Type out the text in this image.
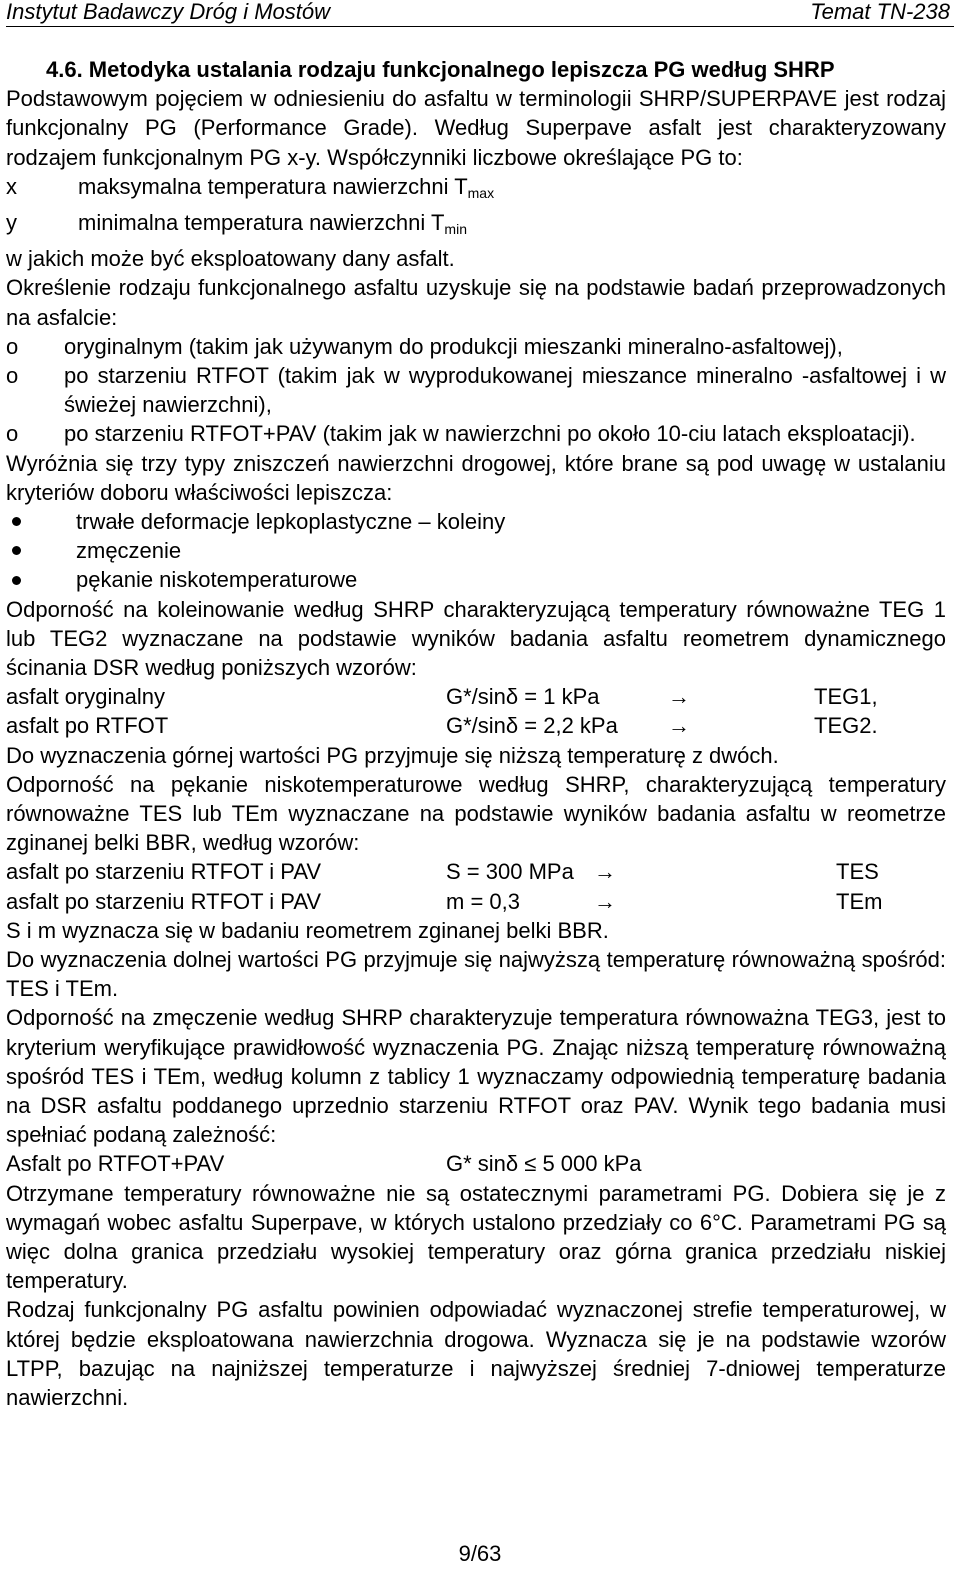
Instytut Badawczy Dróg i Mostów	Temat TN-238

4.6. Metodyka ustalania rodzaju funkcjonalnego lepiszcza PG według SHRP

Podstawowym pojęciem w odniesieniu do asfaltu w terminologii SHRP/SUPERPAVE jest rodzaj funkcjonalny PG (Performance Grade). Według Superpave asfalt jest charakteryzowany rodzajem funkcjonalnym PG x-y. Współczynniki liczbowe określające PG to:

x	maksymalna temperatura nawierzchni $T_{max}$
y	minimalna temperatura nawierzchni $T_{min}$

w jakich może być eksploatowany dany asfalt.

Określenie rodzaju funkcjonalnego asfaltu uzyskuje się na podstawie badań przeprowadzonych na asfalcie:

o	oryginalnym (takim jak używanym do produkcji mieszanki mineralno-asfaltowej),
o	po starzeniu RTFOT (takim jak w wyprodukowanej mieszance mineralno -asfaltowej i w świeżej nawierzchni),
o	po starzeniu RTFOT+PAV (takim jak w nawierzchni po około 10-ciu latach eksploatacji).

Wyróżnia się trzy typy zniszczeń nawierzchni drogowej, które brane są pod uwagę w ustalaniu kryteriów doboru właściwości lepiszcza:

trwałe deformacje lepkoplastyczne – koleiny
zmęczenie
pękanie niskotemperaturowe

Odporność na koleinowanie według SHRP charakteryzującą temperatury równoważne TEG 1 lub TEG2 wyznaczane na podstawie wyników badania asfaltu reometrem dynamicznego ścinania DSR według poniższych wzorów:

asfalt oryginalny	G*/sinδ = 1 kPa	→	TEG1,
asfalt po RTFOT	G*/sinδ = 2,2 kPa →	TEG2.

Do wyznaczenia górnej wartości PG przyjmuje się niższą temperaturę z dwóch.

Odporność na pękanie niskotemperaturowe według SHRP, charakteryzującą temperatury równoważne TES lub TEm wyznaczane na podstawie wyników badania asfaltu w reometrze zginanej belki BBR, według wzorów:

asfalt po starzeniu RTFOT i PAV	S = 300 MPa →	TES
asfalt po starzeniu RTFOT i PAV	m = 0,3	→	TEm

S i m wyznacza się w badaniu reometrem zginanej belki BBR.

Do wyznaczenia dolnej wartości PG przyjmuje się najwyższą temperaturę równoważną spośród: TES i TEm.

Odporność na zmęczenie według SHRP charakteryzuje temperatura równoważna TEG3, jest to kryterium weryfikujące prawidłowość wyznaczenia PG. Znając niższą temperaturę równoważną spośród TES i TEm, według kolumn z tablicy 1 wyznaczamy odpowiednią temperaturę badania na DSR asfaltu poddanego uprzednio starzeniu RTFOT oraz PAV. Wynik tego badania musi spełniać podaną zależność:

Asfalt po RTFOT+PAV	G* sinδ ≤ 5 000 kPa

Otrzymane temperatury równoważne nie są ostatecznymi parametrami PG. Dobiera się je z wymagań wobec asfaltu Superpave, w których ustalono przedziały co 6°C. Parametrami PG są więc dolna granica przedziału wysokiej temperatury oraz górna granica przedziału niskiej temperatury.

Rodzaj funkcjonalny PG asfaltu powinien odpowiadać wyznaczonej strefie temperaturowej, w której będzie eksploatowana nawierzchnia drogowa. Wyznacza się je na podstawie wzorów LTPP, bazując na najniższej temperaturze i najwyższej średniej 7-dniowej temperaturze nawierzchni.

9/63
